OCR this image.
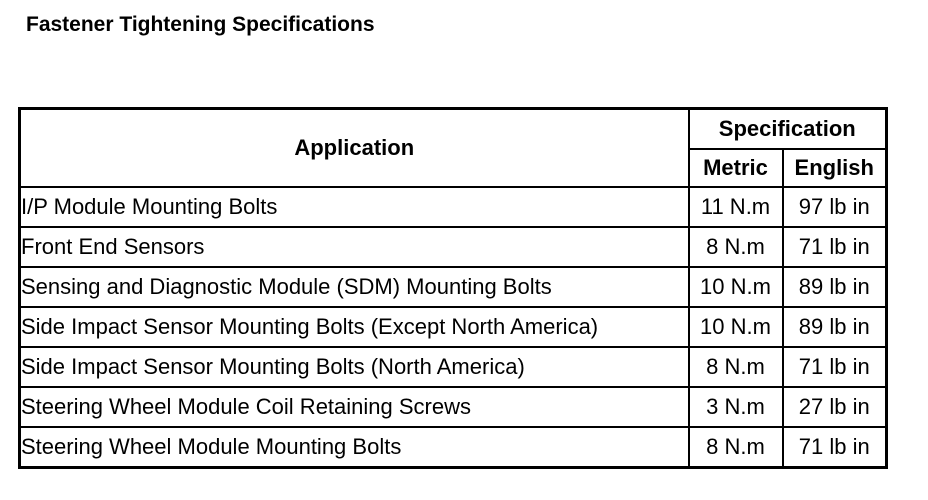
Fastener Tightening Specifications
Application	Specification	
	Metric	English
I/P Module Mounting Bolts	11 N.m	97 lb in
Front End Sensors	8 N.m	71 lb in
Sensing and Diagnostic Module (SDM) Mounting Bolts	10 N.m	89 lb in
Side Impact Sensor Mounting Bolts (Except North America)	10 N.m	89 lb in
Side Impact Sensor Mounting Bolts (North America)	8 N.m	71 lb in
Steering Wheel Module Coil Retaining Screws	3 N.m	27 lb in
Steering Wheel Module Mounting Bolts	8 N.m	71 lb in
